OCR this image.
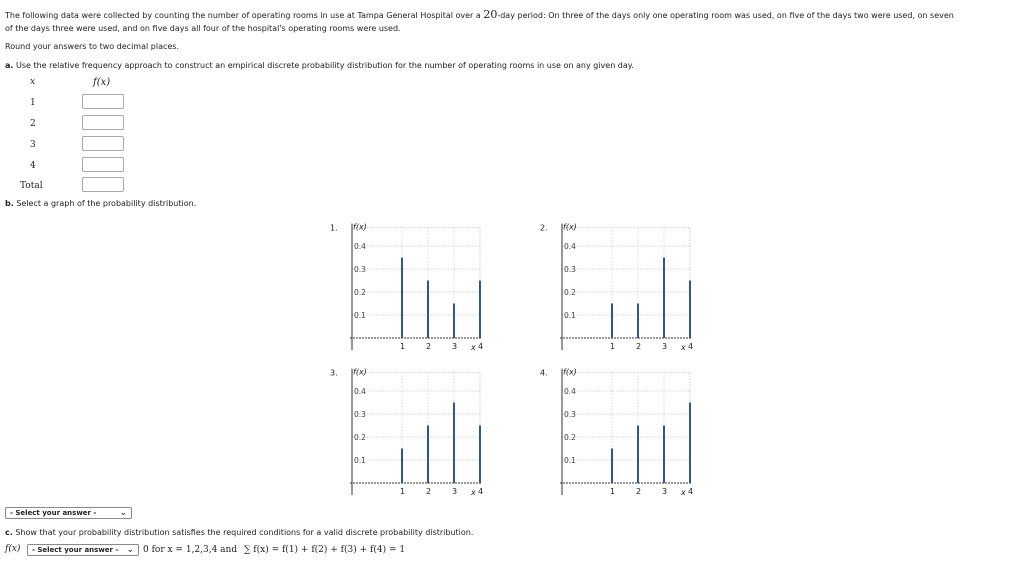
The following data were collected by counting the number of operating rooms in use at Tampa General Hospital over a 20-day period: On three of the days only one operating room was used, on five of the days two were used, on seven
of the days three were used, and on five days all four of the hospital's operating rooms were used.
Round your answers to two decimal places.
a. Use the relative frequency approach to construct an empirical discrete probability distribution for the number of operating rooms in use on any given day.
x	f(x)
1
2
3
4
Total
b. Select a graph of the probability distribution.
1.
0.1
0.2
0.3
0.4
f(x)
x
1	2	3	4
2.
0.1
0.2
0.3
0.4
f(x)
x
1	2	3	4
3.
0.1
0.2
0.3
0.4
f(x)
x
1	2	3	4
4.
0.1
0.2
0.3
0.4
f(x)
x
1	2	3	4
- Select your answer -	⌄
c. Show that your probability distribution satisfies the required conditions for a valid discrete probability distribution.
f(x)	- Select your answer - ⌄ 0 for x = 1,2,3,4 and ∑ f(x) = f(1) + f(2) + f(3) + f(4) = 1
